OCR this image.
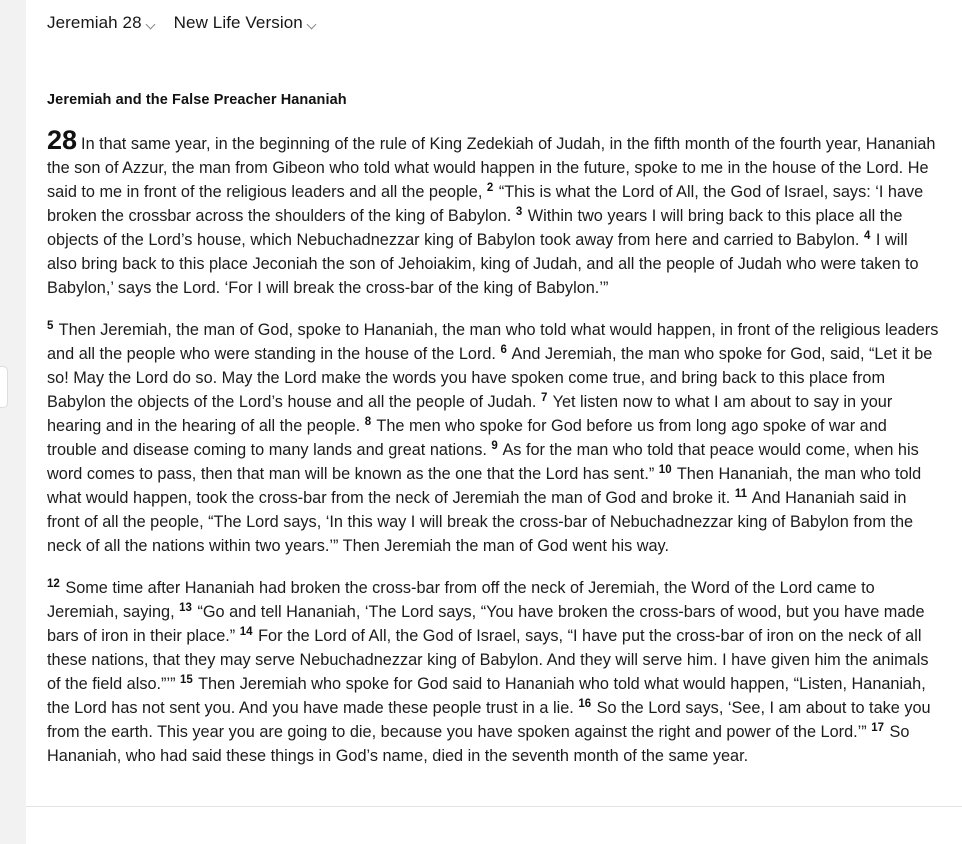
Jeremiah 28 New Life Version
Jeremiah and the False Preacher Hananiah

28 In that same year, in the beginning of the rule of King Zedekiah of Judah, in the fifth month of the fourth year, Hananiah the son of Azzur, the man from Gibeon who told what would happen in the future, spoke to me in the house of the Lord. He said to me in front of the religious leaders and all the people, $^2$ “This is what the Lord of All, the God of Israel, says: ‘I have broken the crossbar across the shoulders of the king of Babylon. $^3$ Within two years I will bring back to this place all the objects of the Lord’s house, which Nebuchadnezzar king of Babylon took away from here and carried to Babylon. $^4$ I will also bring back to this place Jeconiah the son of Jehoiakim, king of Judah, and all the people of Judah who were taken to Babylon,’ says the Lord. ‘For I will break the cross-bar of the king of Babylon.’”

$^5$ Then Jeremiah, the man of God, spoke to Hananiah, the man who told what would happen, in front of the religious leaders and all the people who were standing in the house of the Lord. $^6$ And Jeremiah, the man who spoke for God, said, “Let it be so! May the Lord do so. May the Lord make the words you have spoken come true, and bring back to this place from Babylon the objects of the Lord’s house and all the people of Judah. $^7$ Yet listen now to what I am about to say in your hearing and in the hearing of all the people. $^8$ The men who spoke for God before us from long ago spoke of war and trouble and disease coming to many lands and great nations. $^9$ As for the man who told that peace would come, when his word comes to pass, then that man will be known as the one that the Lord has sent.” $^{10}$ Then Hananiah, the man who told what would happen, took the cross-bar from the neck of Jeremiah the man of God and broke it. $^{11}$ And Hananiah said in front of all the people, “The Lord says, ‘In this way I will break the cross-bar of Nebuchadnezzar king of Babylon from the neck of all the nations within two years.’” Then Jeremiah the man of God went his way.

$^{12}$ Some time after Hananiah had broken the cross-bar from off the neck of Jeremiah, the Word of the Lord came to Jeremiah, saying, $^{13}$ “Go and tell Hananiah, ‘The Lord says, “You have broken the cross-bars of wood, but you have made bars of iron in their place.” $^{14}$ For the Lord of All, the God of Israel, says, “I have put the cross-bar of iron on the neck of all these nations, that they may serve Nebuchadnezzar king of Babylon. And they will serve him. I have given him the animals of the field also.”’” $^{15}$ Then Jeremiah who spoke for God said to Hananiah who told what would happen, “Listen, Hananiah, the Lord has not sent you. And you have made these people trust in a lie. $^{16}$ So the Lord says, ‘See, I am about to take you from the earth. This year you are going to die, because you have spoken against the right and power of the Lord.’” $^{17}$ So Hananiah, who had said these things in God’s name, died in the seventh month of the same year.
